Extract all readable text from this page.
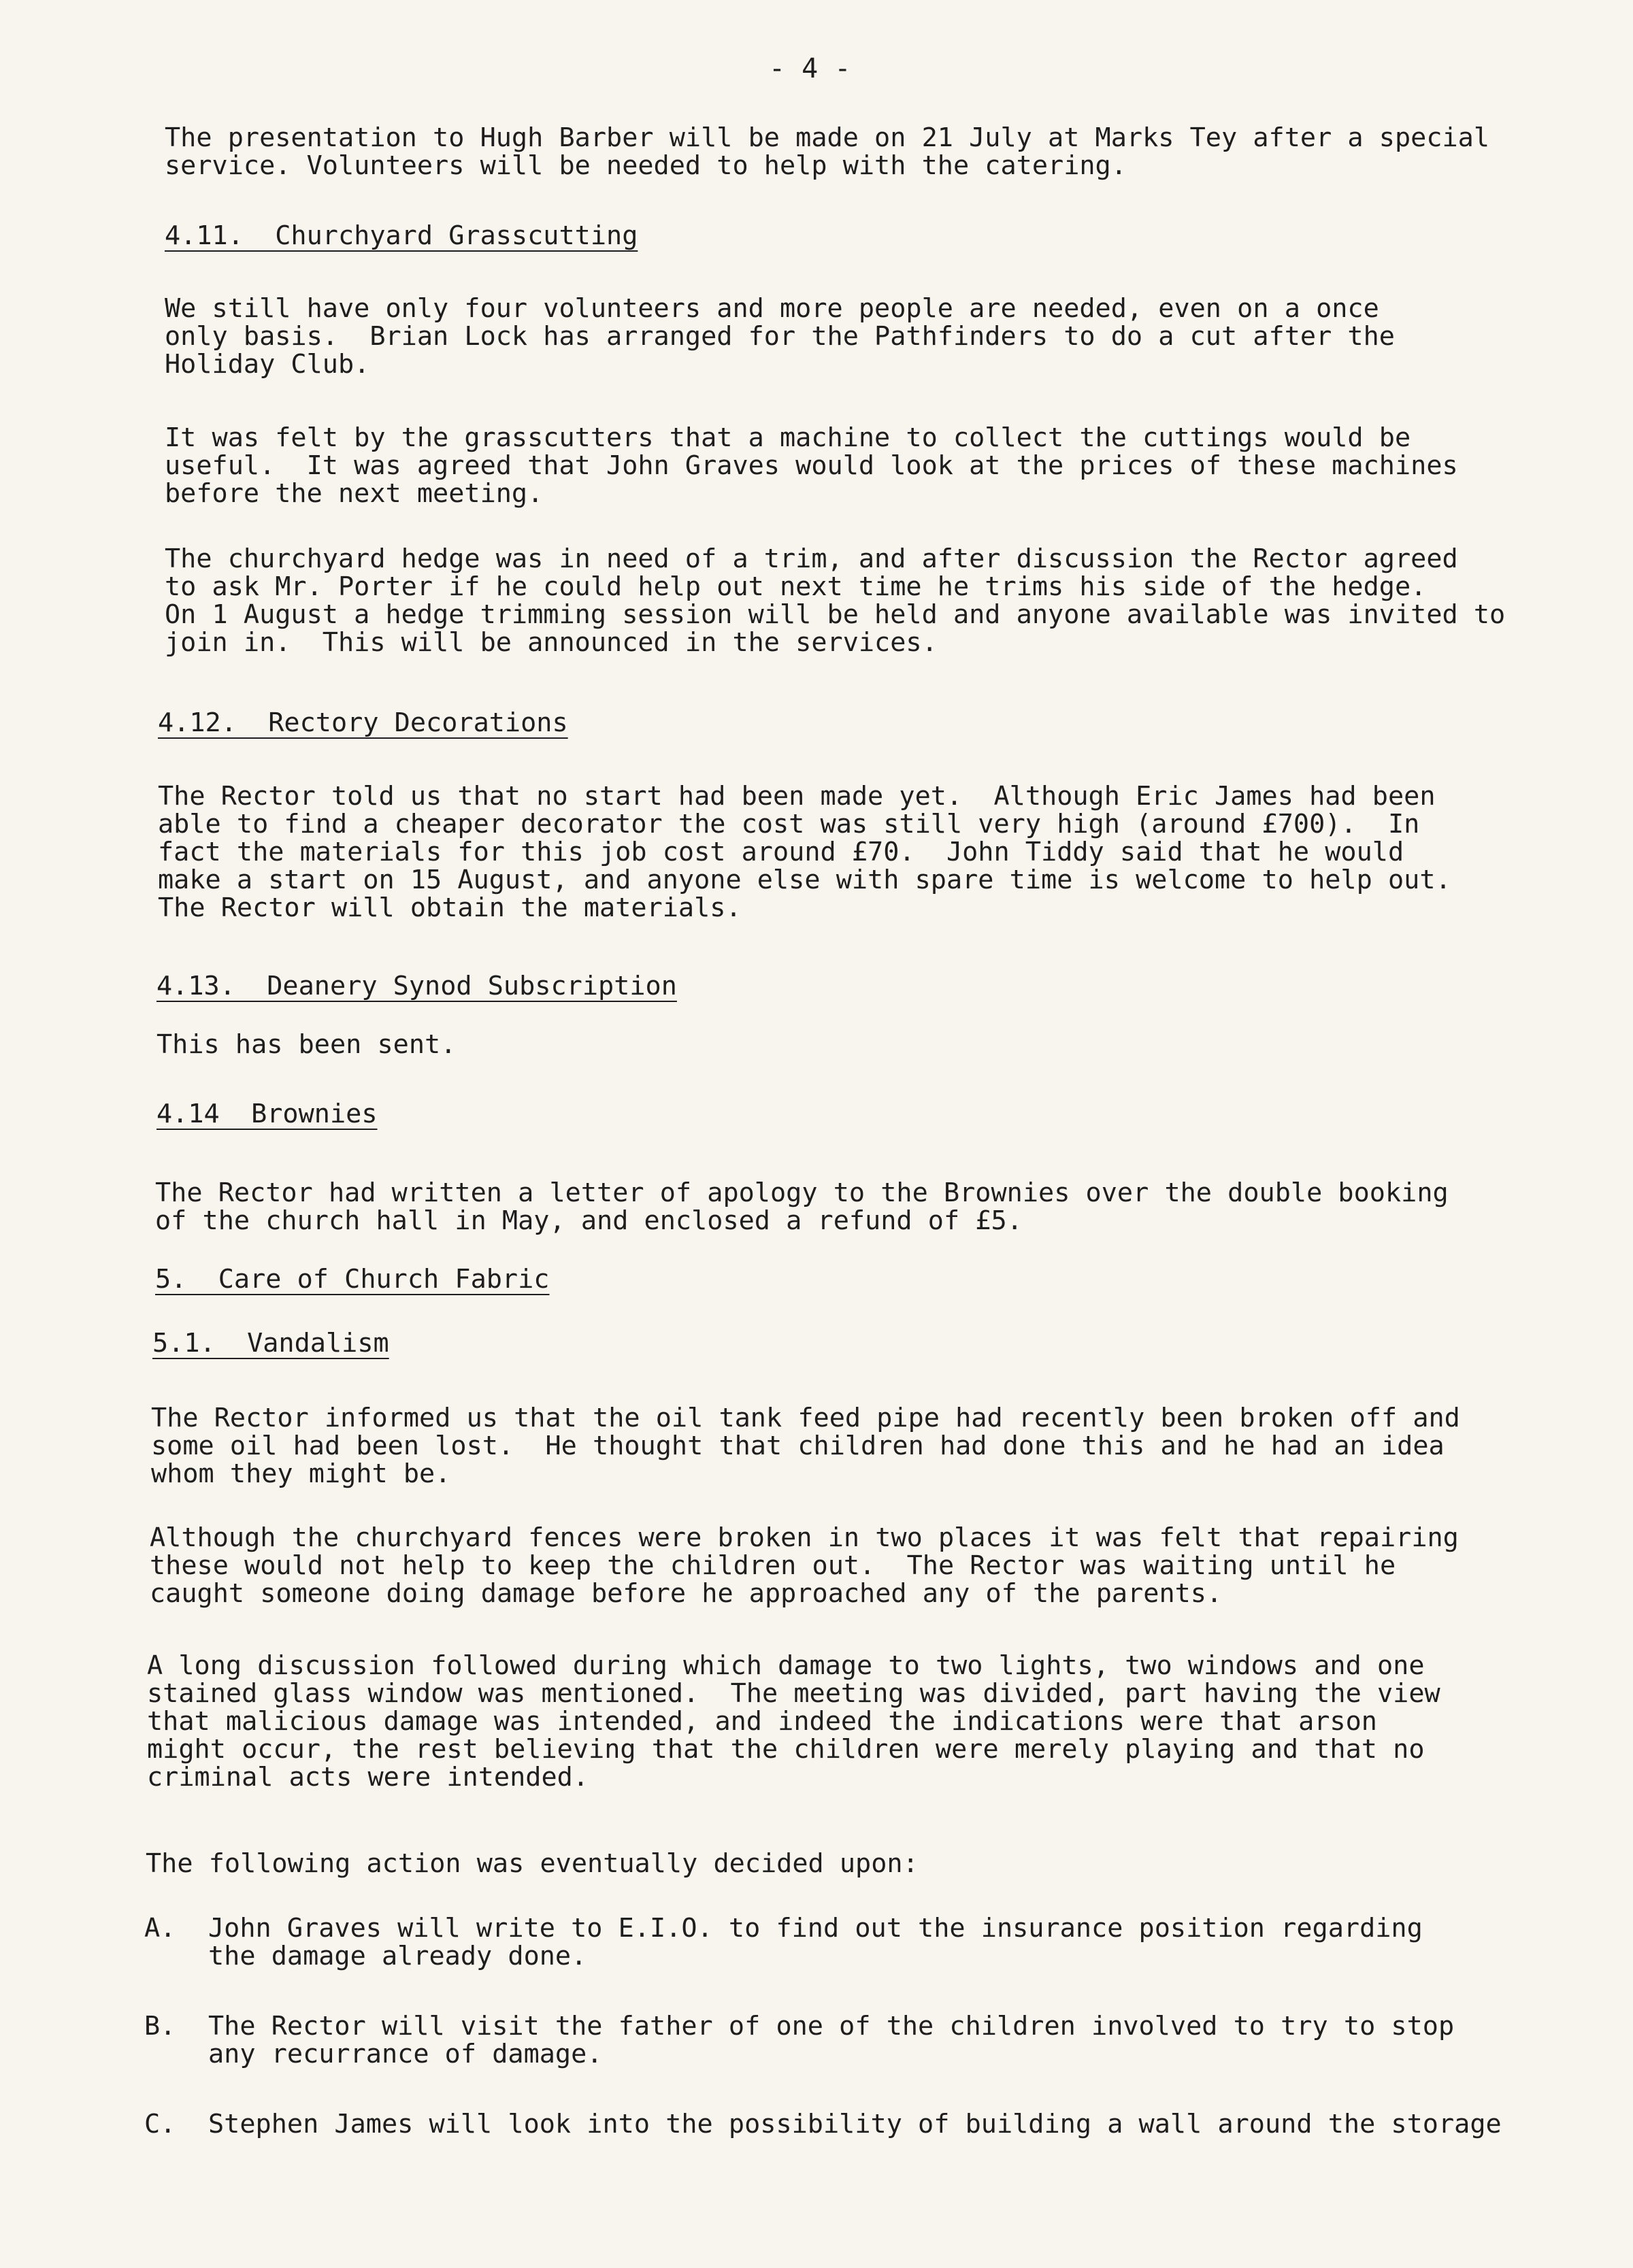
- 4 -
The presentation to Hugh Barber will be made on 21 July at Marks Tey after a special
service. Volunteers will be needed to help with the catering.
4.11.  Churchyard Grasscutting
We still have only four volunteers and more people are needed, even on a once
only basis.  Brian Lock has arranged for the Pathfinders to do a cut after the
Holiday Club.
It was felt by the grasscutters that a machine to collect the cuttings would be
useful.  It was agreed that John Graves would look at the prices of these machines
before the next meeting.
The churchyard hedge was in need of a trim, and after discussion the Rector agreed
to ask Mr. Porter if he could help out next time he trims his side of the hedge.
On 1 August a hedge trimming session will be held and anyone available was invited to
join in.  This will be announced in the services.
4.12.  Rectory Decorations
The Rector told us that no start had been made yet.  Although Eric James had been
able to find a cheaper decorator the cost was still very high (around £700).  In
fact the materials for this job cost around £70.  John Tiddy said that he would
make a start on 15 August, and anyone else with spare time is welcome to help out.
The Rector will obtain the materials.
4.13.  Deanery Synod Subscription
This has been sent.
4.14  Brownies
The Rector had written a letter of apology to the Brownies over the double booking
of the church hall in May, and enclosed a refund of £5.
5.  Care of Church Fabric
5.1.  Vandalism
The Rector informed us that the oil tank feed pipe had recently been broken off and
some oil had been lost.  He thought that children had done this and he had an idea
whom they might be.
Although the churchyard fences were broken in two places it was felt that repairing
these would not help to keep the children out.  The Rector was waiting until he
caught someone doing damage before he approached any of the parents.
A long discussion followed during which damage to two lights, two windows and one
stained glass window was mentioned.  The meeting was divided, part having the view
that malicious damage was intended, and indeed the indications were that arson
might occur, the rest believing that the children were merely playing and that no
criminal acts were intended.
The following action was eventually decided upon:
A. John Graves will write to E.I.O. to find out the insurance position regarding
the damage already done.
B. The Rector will visit the father of one of the children involved to try to stop
any recurrance of damage.
C. Stephen James will look into the possibility of building a wall around the storage
